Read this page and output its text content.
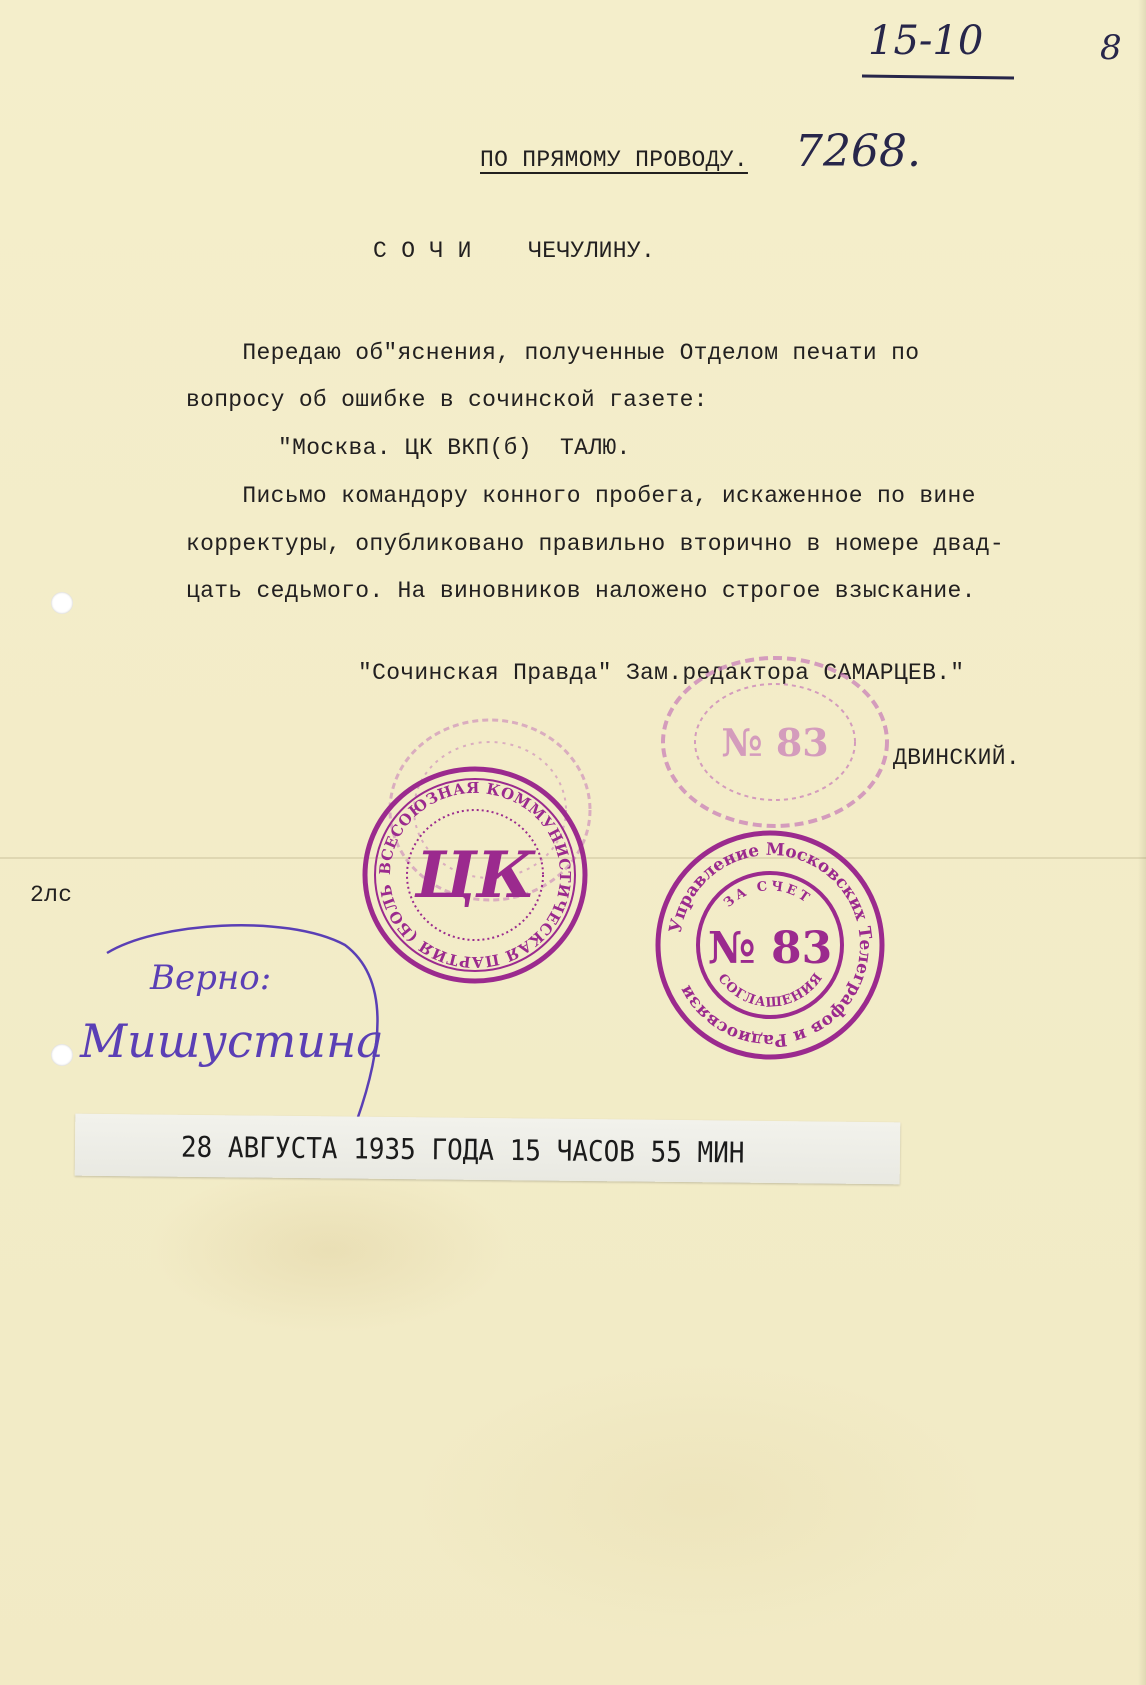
8

15-10

ПО ПРЯМОМУ ПРОВОДУ. 7268.

С О Ч И    ЧЕЧУЛИНУ.

Передаю об"яснения, полученные Отделом печати по

вопросу об ошибке в сочинской газете:

"Москва. ЦК ВКП(б)  ТАЛЮ.

Письмо командору конного пробега, искаженное по вине

корректуры, опубликовано правильно вторично в номере двад-

цать седьмого. На виновников наложено строгое взыскание.

"Сочинская Правда" Зам.редактора САМАРЦЕВ."

ДВИНСКИЙ.

2лс

№ 83
ВСЕСОЮЗНАЯ КОММУНИСТИЧЕСКАЯ ПАРТИЯ (БОЛЬШЕВИКОВ)
ЦК
Управление Московских Телеграфов и Радиосвязи
ЗА СЧЕТ
№ 83
СОГЛАШЕНИЯ

Верно:

Мишустина

28 АВГУСТА 1935 ГОДА 15 ЧАСОВ 55 МИН
